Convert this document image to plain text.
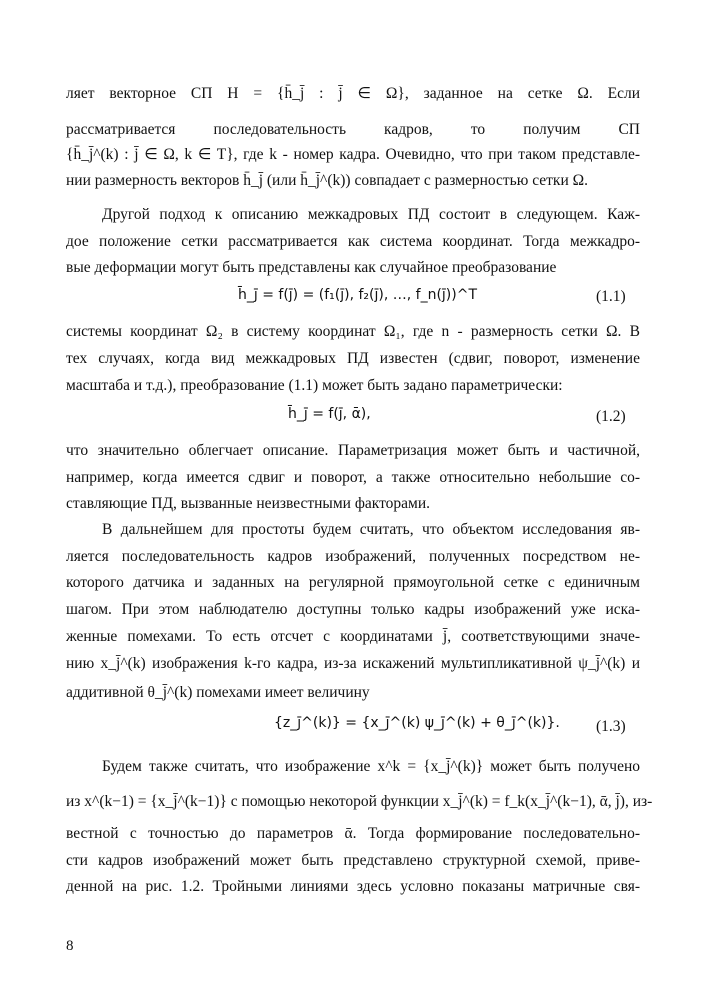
ляет векторное СП H = {h̄_j̄ : j̄ ∈ Ω}, заданное на сетке Ω. Если
рассматривается последовательность кадров, то получим СП
{h̄_j̄^(k) : j̄ ∈ Ω, k ∈ T}, где k - номер кадра. Очевидно, что при таком представле-
нии размерность векторов h̄_j̄ (или h̄_j̄^(k)) совпадает с размерностью сетки Ω.
Другой подход к описанию межкадровых ПД состоит в следующем. Каж-
дое положение сетки рассматривается как система координат. Тогда межкадро-
вые деформации могут быть представлены как случайное преобразование
h̄_j̄ = f(j̄) = (f₁(j̄), f₂(j̄), …, f_n(j̄))^T	(1.1)
системы координат Ω₂ в систему координат Ω₁, где n - размерность сетки Ω. В
тех случаях, когда вид межкадровых ПД известен (сдвиг, поворот, изменение
масштаба и т.д.), преобразование (1.1) может быть задано параметрически:
h̄_j̄ = f(j̄, ᾱ),	(1.2)
что значительно облегчает описание. Параметризация может быть и частичной,
например, когда имеется сдвиг и поворот, а также относительно небольшие со-
ставляющие ПД, вызванные неизвестными факторами.
В дальнейшем для простоты будем считать, что объектом исследования яв-
ляется последовательность кадров изображений, полученных посредством не-
которого датчика и заданных на регулярной прямоугольной сетке с единичным
шагом. При этом наблюдателю доступны только кадры изображений уже иска-
женные помехами. То есть отсчет с координатами j̄, соответствующими значе-
нию x_j̄^(k) изображения k-го кадра, из-за искажений мультипликативной ψ_j̄^(k) и
аддитивной θ_j̄^(k) помехами имеет величину
{z_j̄^(k)} = {x_j̄^(k) ψ_j̄^(k) + θ_j̄^(k)}. (1.3)
Будем также считать, что изображение x^k = {x_j̄^(k)} может быть получено
из x^(k−1) = {x_j̄^(k−1)} с помощью некоторой функции x_j̄^(k) = f_k(x_j̄^(k−1), ᾱ, j̄), из-
вестной с точностью до параметров ᾱ. Тогда формирование последовательно-
сти кадров изображений может быть представлено структурной схемой, приве-
денной на рис. 1.2. Тройными линиями здесь условно показаны матричные свя-
8
